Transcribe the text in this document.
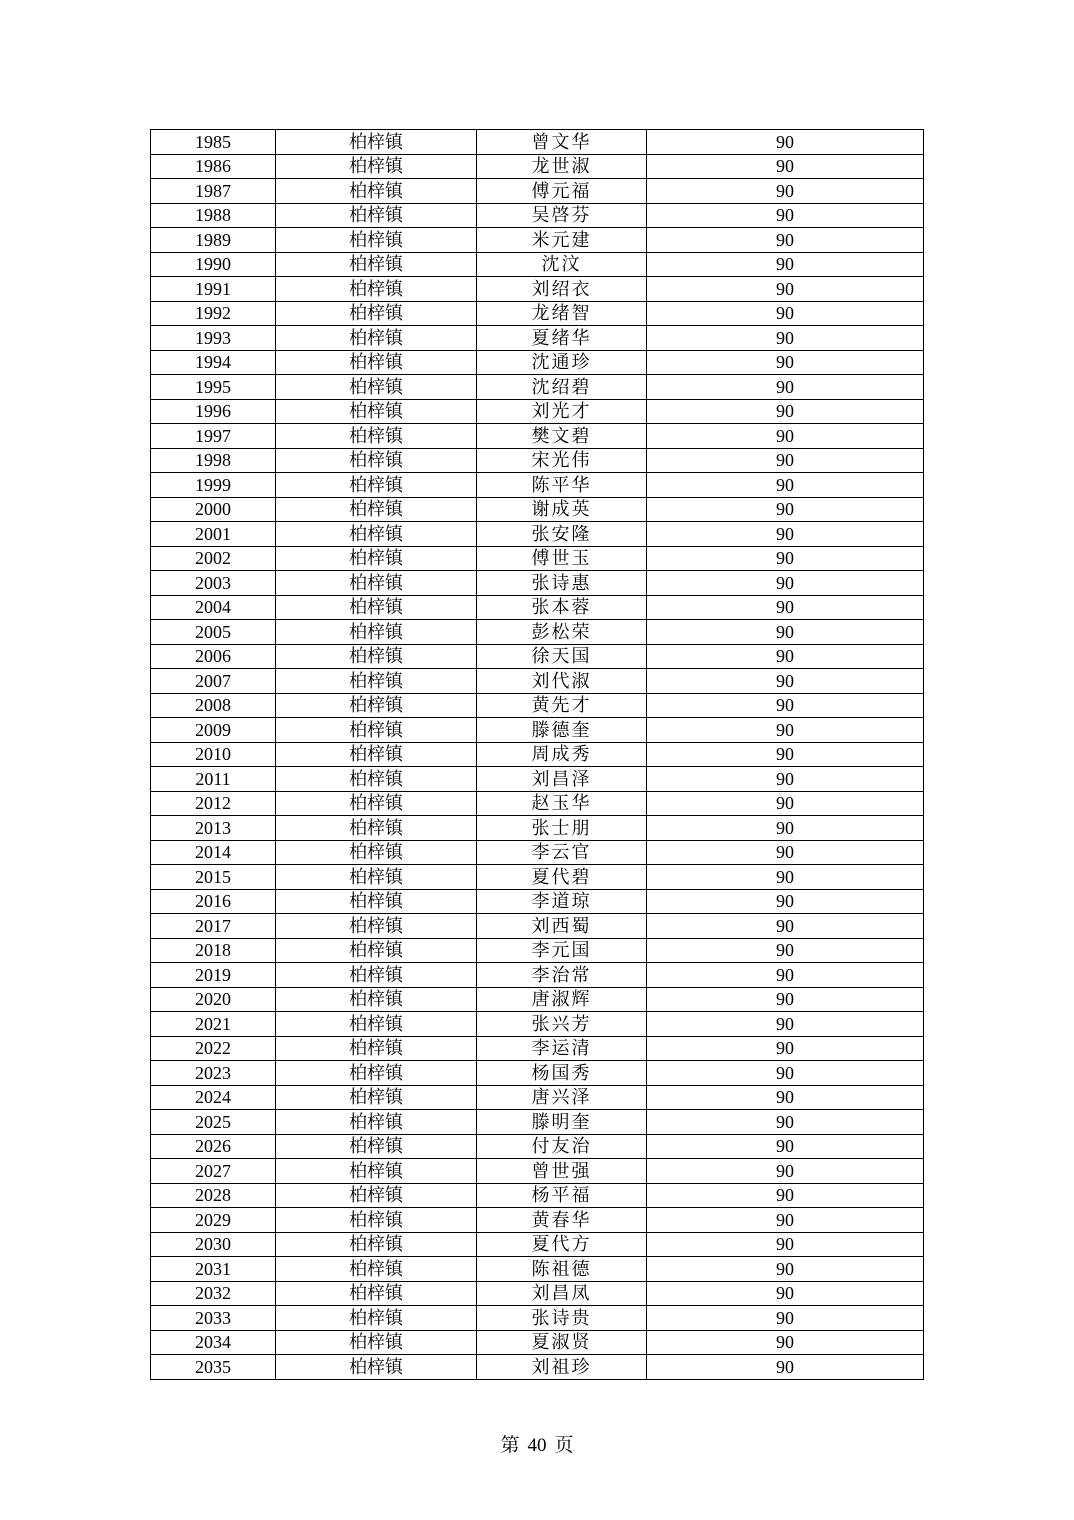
1985	柏梓镇	曾文华	90
1986	柏梓镇	龙世淑	90
1987	柏梓镇	傅元福	90
1988	柏梓镇	吴啓芬	90
1989	柏梓镇	米元建	90
1990	柏梓镇	沈汶	90
1991	柏梓镇	刘绍衣	90
1992	柏梓镇	龙绪智	90
1993	柏梓镇	夏绪华	90
1994	柏梓镇	沈通珍	90
1995	柏梓镇	沈绍碧	90
1996	柏梓镇	刘光才	90
1997	柏梓镇	樊文碧	90
1998	柏梓镇	宋光伟	90
1999	柏梓镇	陈平华	90
2000	柏梓镇	谢成英	90
2001	柏梓镇	张安隆	90
2002	柏梓镇	傅世玉	90
2003	柏梓镇	张诗惠	90
2004	柏梓镇	张本蓉	90
2005	柏梓镇	彭松荣	90
2006	柏梓镇	徐天国	90
2007	柏梓镇	刘代淑	90
2008	柏梓镇	黄先才	90
2009	柏梓镇	滕德奎	90
2010	柏梓镇	周成秀	90
2011	柏梓镇	刘昌泽	90
2012	柏梓镇	赵玉华	90
2013	柏梓镇	张士朋	90
2014	柏梓镇	李云官	90
2015	柏梓镇	夏代碧	90
2016	柏梓镇	李道琼	90
2017	柏梓镇	刘西蜀	90
2018	柏梓镇	李元国	90
2019	柏梓镇	李治常	90
2020	柏梓镇	唐淑辉	90
2021	柏梓镇	张兴芳	90
2022	柏梓镇	李运清	90
2023	柏梓镇	杨国秀	90
2024	柏梓镇	唐兴泽	90
2025	柏梓镇	滕明奎	90
2026	柏梓镇	付友治	90
2027	柏梓镇	曾世强	90
2028	柏梓镇	杨平福	90
2029	柏梓镇	黄春华	90
2030	柏梓镇	夏代方	90
2031	柏梓镇	陈祖德	90
2032	柏梓镇	刘昌凤	90
2033	柏梓镇	张诗贵	90
2034	柏梓镇	夏淑贤	90
2035	柏梓镇	刘祖珍	90
第 40 页
